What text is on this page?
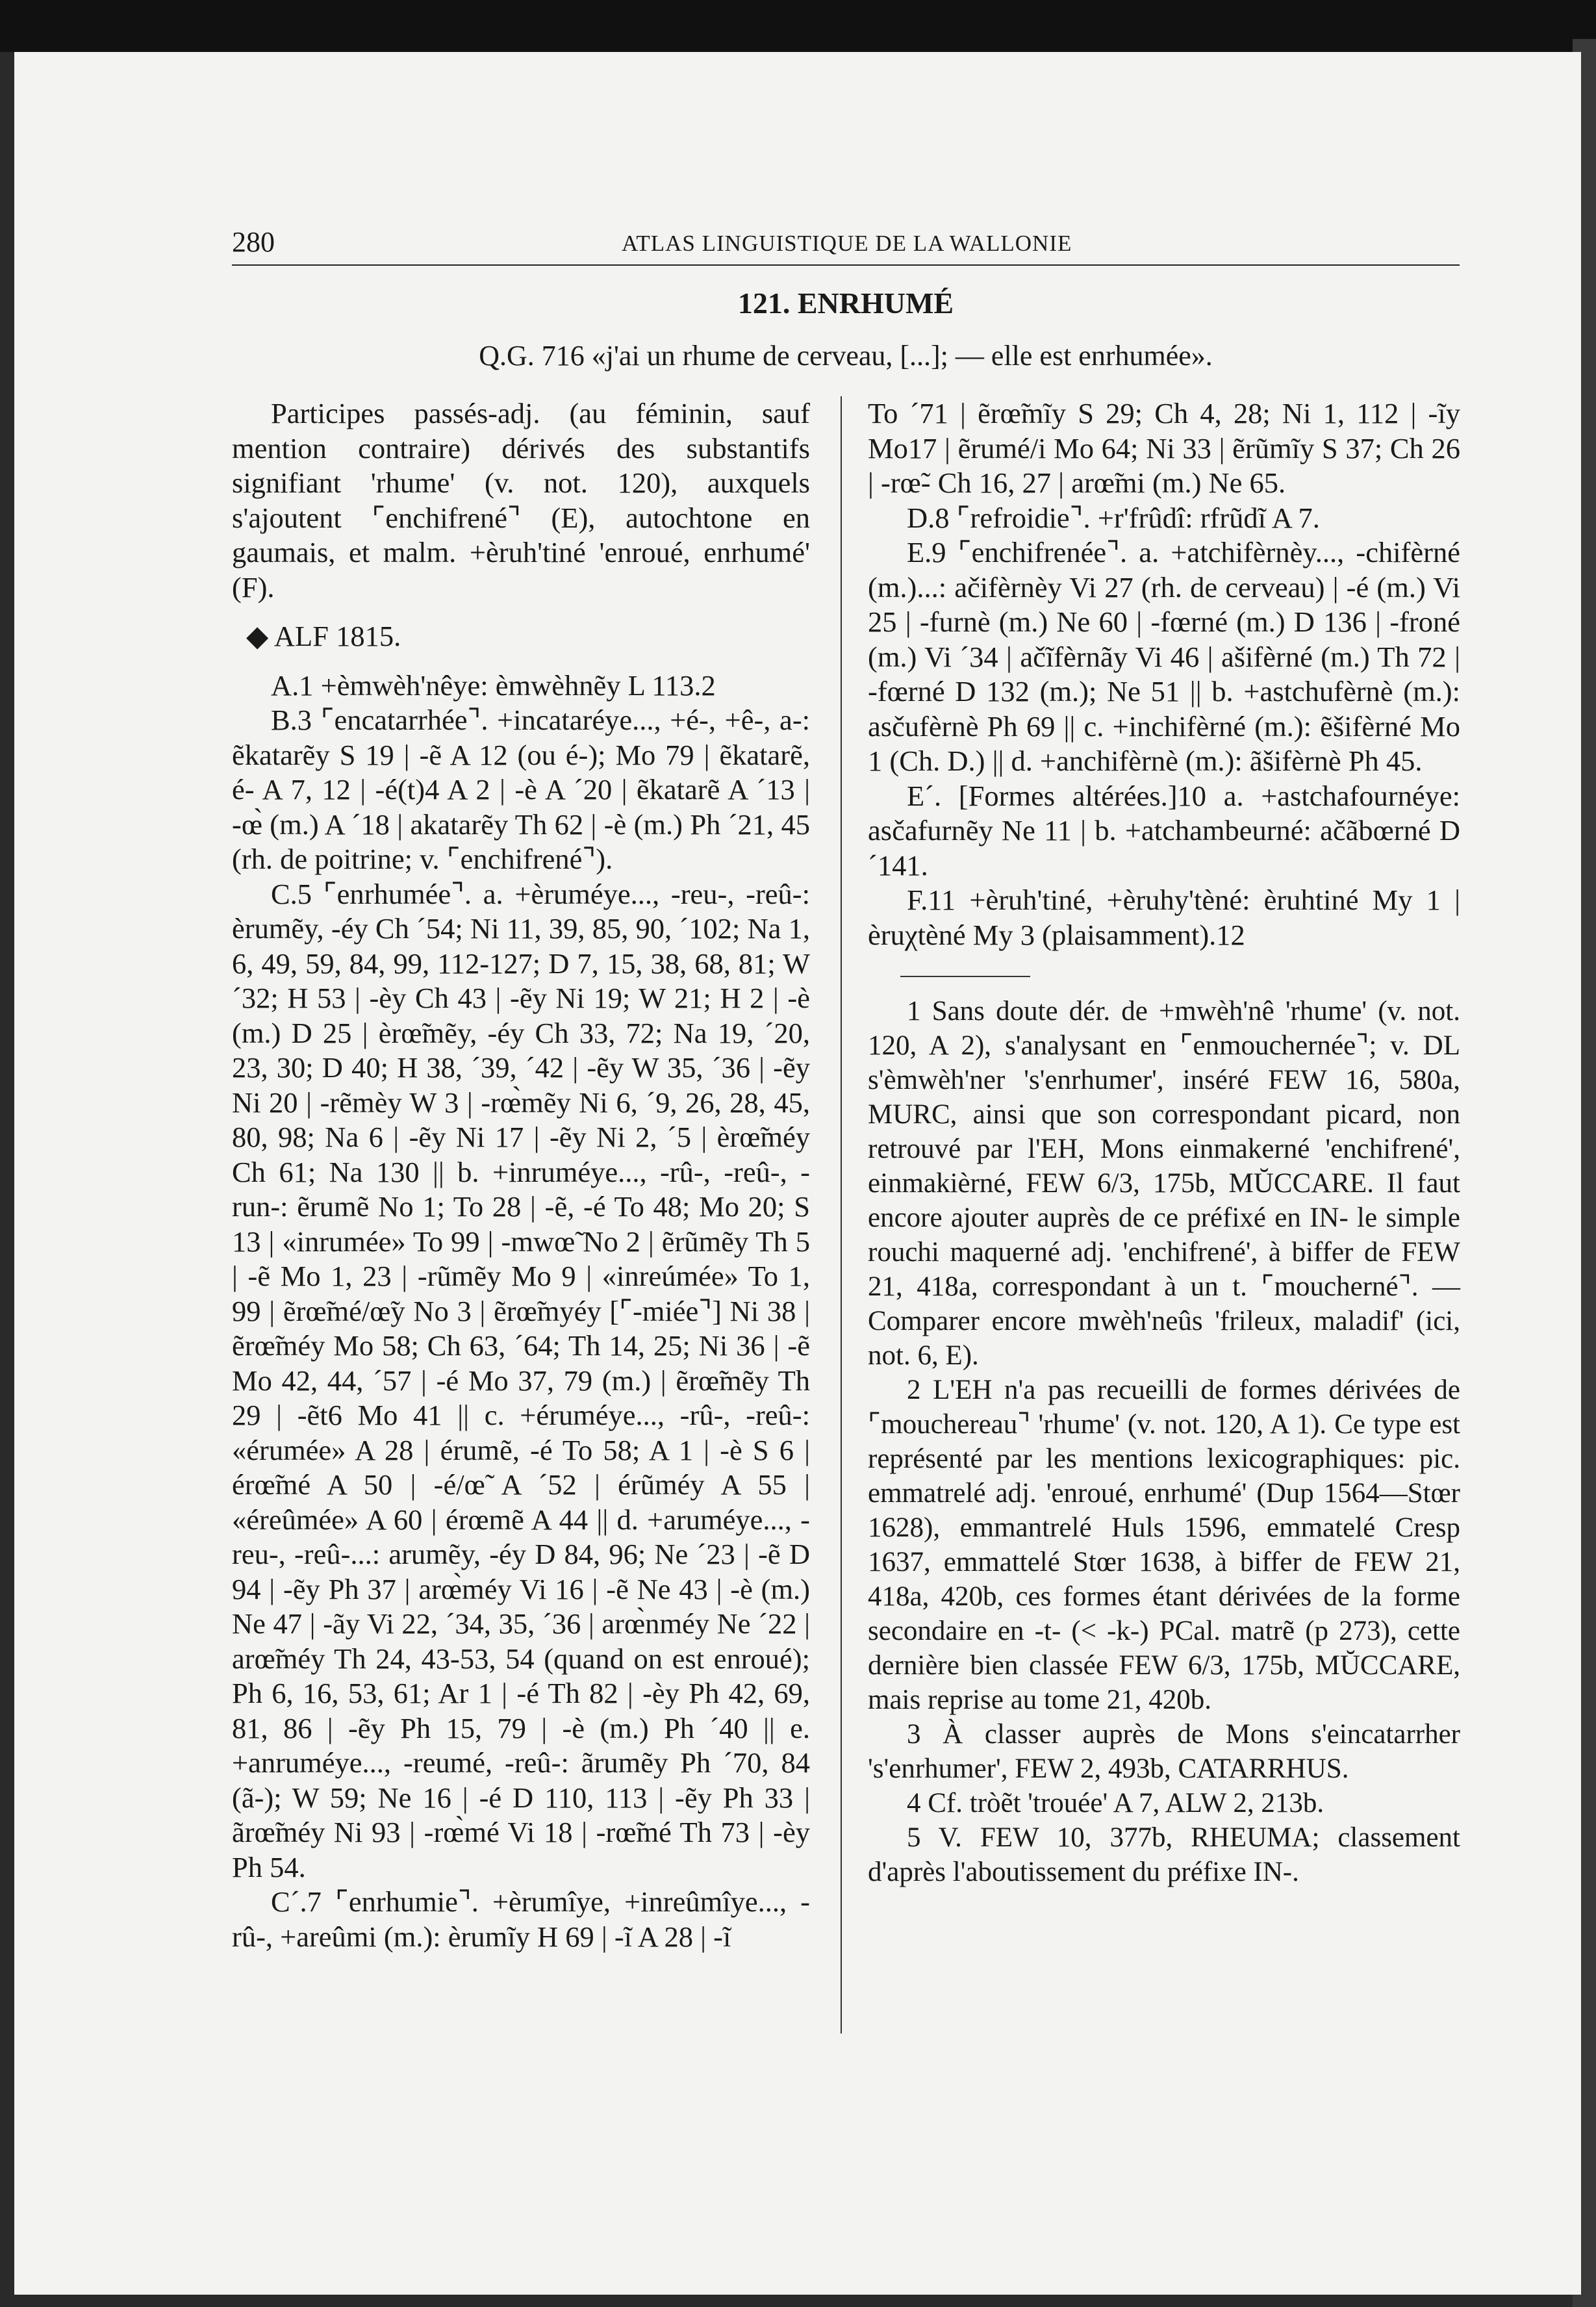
280	ATLAS LINGUISTIQUE DE LA WALLONIE
121. ENRHUMÉ
Q.G. 716 «j'ai un rhume de cerveau, [...]; — elle est enrhumée».

Participes passés-adj. (au féminin, sauf mention contraire) dérivés des substantifs signifiant 'rhume' (v. not. 120), auxquels s'ajoutent ⌜enchifrené⌝ (E), autochtone en gaumais, et malm. +èruh'tiné 'enroué, enrhumé' (F).

◆ ALF 1815.

A.1 +èmwèh'nêye: èmwèhnẽy L 113.2

B.3 ⌜encatarrhée⌝. +incataréye..., +é-, +ê-, a-: ẽkatarẽy S 19 | -ẽ A 12 (ou é-); Mo 79 | ẽkatarẽ, é- A 7, 12 | -é(t)4 A 2 | -è A ´20 | ẽkatarẽ A ´13 | -œ̀ (m.) A ´18 | akatarẽy Th 62 | -è (m.) Ph ´21, 45 (rh. de poitrine; v. ⌜enchifrené⌝).

C.5 ⌜enrhumée⌝. a. +èruméye..., -reu-, -reû-: èrumẽy, -éy Ch ´54; Ni 11, 39, 85, 90, ´102; Na 1, 6, 49, 59, 84, 99, 112-127; D 7, 15, 38, 68, 81; W ´32; H 53 | -èy Ch 43 | -ẽy Ni 19; W 21; H 2 | -è (m.) D 25 | èrœ̃mẽy, -éy Ch 33, 72; Na 19, ´20, 23, 30; D 40; H 38, ´39, ´42 | -ẽy W 35, ´36 | -ẽy Ni 20 | -rẽmèy W 3 | -rœ̀mẽy Ni 6, ´9, 26, 28, 45, 80, 98; Na 6 | -ẽy Ni 17 | -ẽy Ni 2, ´5 | èrœ̃méy Ch 61; Na 130 || b. +inruméye..., -rû-, -reû-, -run-: ẽrumẽ No 1; To 28 | -ẽ, -é To 48; Mo 20; S 13 | «inrumée» To 99 | -mwœ̃ No 2 | ẽrũmẽy Th 5 | -ẽ Mo 1, 23 | -rũmẽy Mo 9 | «inreúmée» To 1, 99 | ẽrœ̃mé/œ̃y No 3 | ẽrœ̃myéy [⌜-miée⌝] Ni 38 | ẽrœ̃méy Mo 58; Ch 63, ´64; Th 14, 25; Ni 36 | -ẽ Mo 42, 44, ´57 | -é Mo 37, 79 (m.) | ẽrœ̃mẽy Th 29 | -ẽt6 Mo 41 || c. +éruméye..., -rû-, -reû-: «érumée» A 28 | érumẽ, -é To 58; A 1 | -è S 6 | érœ̃mé A 50 | -é/œ̃ A ´52 | érũméy A 55 | «éreûmée» A 60 | érœmẽ A 44 || d. +aruméye..., -reu-, -reû-...: arumẽy, -éy D 84, 96; Ne ´23 | -ẽ D 94 | -ẽy Ph 37 | arœ̀méy Vi 16 | -ẽ Ne 43 | -è (m.) Ne 47 | -ãy Vi 22, ´34, 35, ´36 | arœ̀nméy Ne ´22 | arœ̃méy Th 24, 43-53, 54 (quand on est enroué); Ph 6, 16, 53, 61; Ar 1 | -é Th 82 | -èy Ph 42, 69, 81, 86 | -ẽy Ph 15, 79 | -è (m.) Ph ´40 || e. +anruméye..., -reumé, -reû-: ãrumẽy Ph ´70, 84 (ã-); W 59; Ne 16 | -é D 110, 113 | -ẽy Ph 33 | ãrœ̃méy Ni 93 | -rœ̀mé Vi 18 | -rœ̃mé Th 73 | -èy Ph 54.

C´.7 ⌜enrhumie⌝. +èrumîye, +inreûmîye..., -rû-, +areûmi (m.): èrumĩy H 69 | -ĩ A 28 | -ĩ

To ´71 | ẽrœ̃mĩy S 29; Ch 4, 28; Ni 1, 112 | -ĩy Mo17 | ẽrumé/i Mo 64; Ni 33 | ẽrũmĩy S 37; Ch 26 | -rœ̃- Ch 16, 27 | arœ̃mi (m.) Ne 65.

D.8 ⌜refroidie⌝. +r'frûdî: rfrũdĩ A 7.

E.9 ⌜enchifrenée⌝. a. +atchifèrnèy..., -chifèrné (m.)...: ačifèrnèy Vi 27 (rh. de cerveau) | -é (m.) Vi 25 | -furnè (m.) Ne 60 | -fœrné (m.) D 136 | -froné (m.) Vi ´34 | ačĩfèrnãy Vi 46 | ašifèrné (m.) Th 72 | -fœrné D 132 (m.); Ne 51 || b. +astchufèrnè (m.): asčufèrnè Ph 69 || c. +inchifèrné (m.): ẽšifèrné Mo 1 (Ch. D.) || d. +anchifèrnè (m.): ãšifèrnè Ph 45.

E´. [Formes altérées.]10 a. +astchafournéye: asčafurnẽy Ne 11 | b. +atchambeurné: ačãbœrné D ´141.

F.11 +èruh'tiné, +èruhy'tèné: èruhtiné My 1 | èruχtèné My 3 (plaisamment).12

1 Sans doute dér. de +mwèh'nê 'rhume' (v. not. 120, A 2), s'analysant en ⌜enmouchernée⌝; v. DL s'èmwèh'ner 's'enrhumer', inséré FEW 16, 580a, MURC, ainsi que son correspondant picard, non retrouvé par l'EH, Mons einmakerné 'enchifrené', einmakièrné, FEW 6/3, 175b, MŬCCARE. Il faut encore ajouter auprès de ce préfixé en IN- le simple rouchi maquerné adj. 'enchifrené', à biffer de FEW 21, 418a, correspondant à un t. ⌜moucherné⌝. — Comparer encore mwèh'neûs 'frileux, maladif' (ici, not. 6, E).

2 L'EH n'a pas recueilli de formes dérivées de ⌜mouchereau⌝ 'rhume' (v. not. 120, A 1). Ce type est représenté par les mentions lexicographiques: pic. emmatrelé adj. 'enroué, enrhumé' (Dup 1564—Stœr 1628), emmantrelé Huls 1596, emmatelé Cresp 1637, emmattelé Stœr 1638, à biffer de FEW 21, 418a, 420b, ces formes étant dérivées de la forme secondaire en -t- (< -k-) PCal. matrẽ (p 273), cette dernière bien classée FEW 6/3, 175b, MŬCCARE, mais reprise au tome 21, 420b.

3 À classer auprès de Mons s'eincatarrher 's'enrhumer', FEW 2, 493b, CATARRHUS.

4 Cf. tròẽt 'trouée' A 7, ALW 2, 213b.

5 V. FEW 10, 377b, RHEUMA; classement d'après l'aboutissement du préfixe IN-.
